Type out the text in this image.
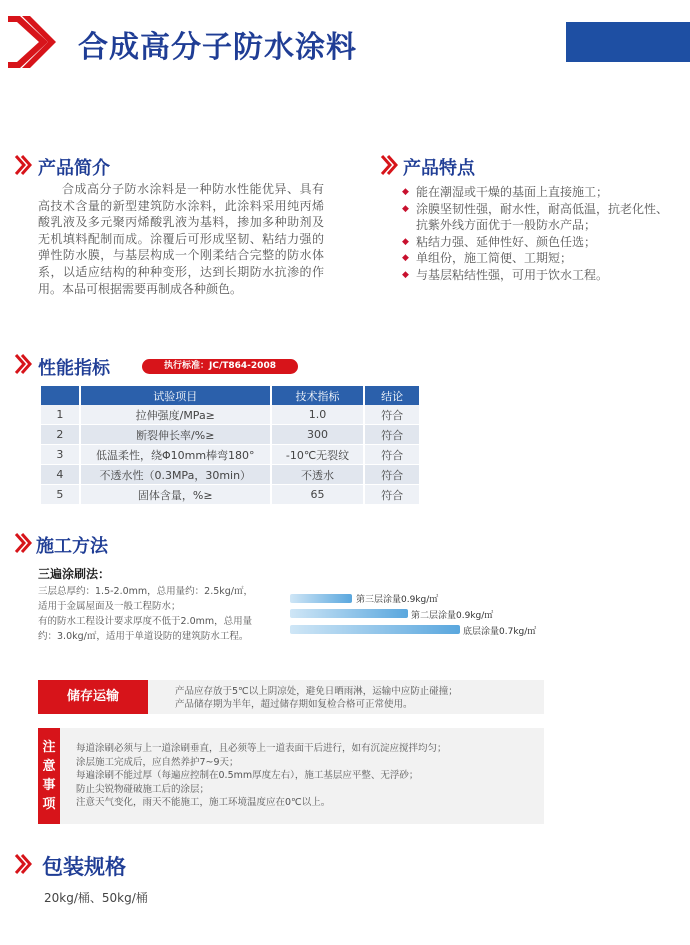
合成高分子防水涂料
产品简介
合成高分子防水涂料是一种防水性能优异、具有高技术含量的新型建筑防水涂料，此涂料采用纯丙烯酸乳液及多元聚丙烯酸乳液为基料，掺加多种助剂及无机填料配制而成。涂覆后可形成坚韧、粘结力强的弹性防水膜，与基层构成一个刚柔结合完整的防水体系，以适应结构的种种变形，达到长期防水抗渗的作用。本品可根据需要再制成各种颜色。
产品特点
◆ 能在潮湿或干燥的基面上直接施工；
◆ 涂膜坚韧性强，耐水性，耐高低温，抗老化性、抗紫外线方面优于一般防水产品；
◆ 粘结力强、延伸性好、颜色任选；
◆ 单组份，施工简便、工期短；
◆ 与基层粘结性强，可用于饮水工程。
性能指标	执行标准：JC/T864-2008
	试验项目	技术指标	结论
1	拉伸强度/MPa≥	1.0	符合
2	断裂伸长率/%≥	300	符合
3	低温柔性，绕Φ10mm棒弯180°	-10℃无裂纹	符合
4	不透水性（0.3MPa，30min）	不透水	符合
5	固体含量，%≥	65	符合
施工方法
三遍涂刷法：
三层总厚约：1.5-2.0mm，总用量约：2.5kg/㎡，
适用于金属屋面及一般工程防水；
有的防水工程设计要求厚度不低于2.0mm，总用量
约：3.0kg/㎡，适用于单道设防的建筑防水工程。
第三层涂量0.9kg/㎡
第二层涂量0.9kg/㎡
底层涂量0.7kg/㎡
储存运输	产品应存放于5℃以上阴凉处，避免日晒雨淋，运输中应防止碰撞；
产品储存期为半年，超过储存期如复检合格可正常使用。
注
意
事
项
每道涂刷必须与上一道涂刷垂直，且必须等上一道表面干后进行，如有沉淀应搅拌均匀；
涂层施工完成后，应自然养护7~9天；
每遍涂刷不能过厚（每遍应控制在0.5mm厚度左右），施工基层应平整、无浮砂；
防止尖锐物碰破施工后的涂层；
注意天气变化，雨天不能施工，施工环境温度应在0℃以上。
包装规格
20kg/桶、50kg/桶
